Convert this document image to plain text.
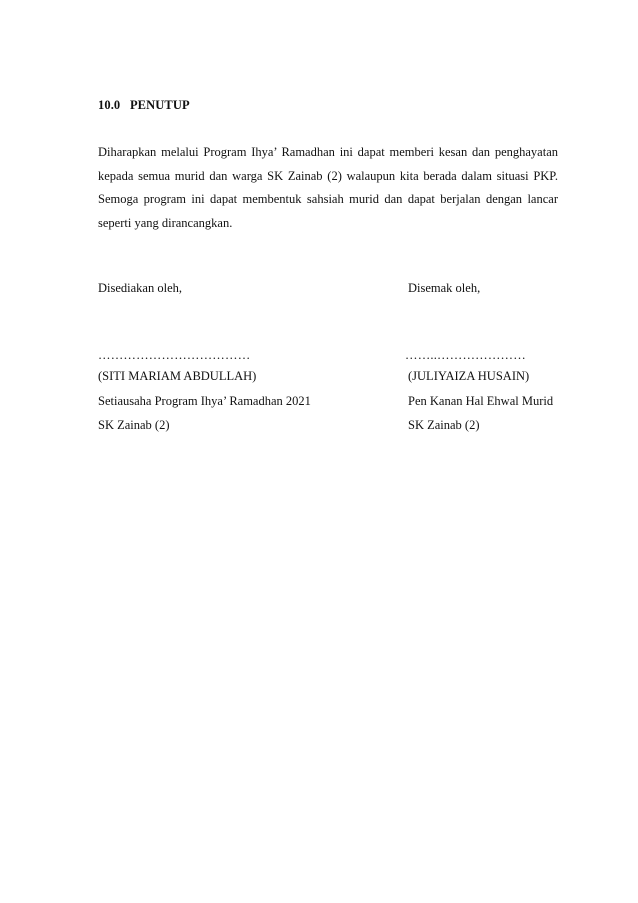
10.0   PENUTUP
Diharapkan melalui Program Ihya’ Ramadhan ini dapat memberi kesan dan penghayatan
kepada semua murid dan warga SK Zainab (2) walaupun kita berada dalam situasi PKP.
Semoga program ini dapat membentuk sahsiah murid dan dapat berjalan dengan lancar
seperti yang dirancangkan.
Disediakan oleh,
………………………………
(SITI MARIAM ABDULLAH)
Setiausaha Program Ihya’ Ramadhan 2021
SK Zainab (2)
Disemak oleh,
……..…………………
(JULIYAIZA HUSAIN)
Pen Kanan Hal Ehwal Murid
SK Zainab (2)
